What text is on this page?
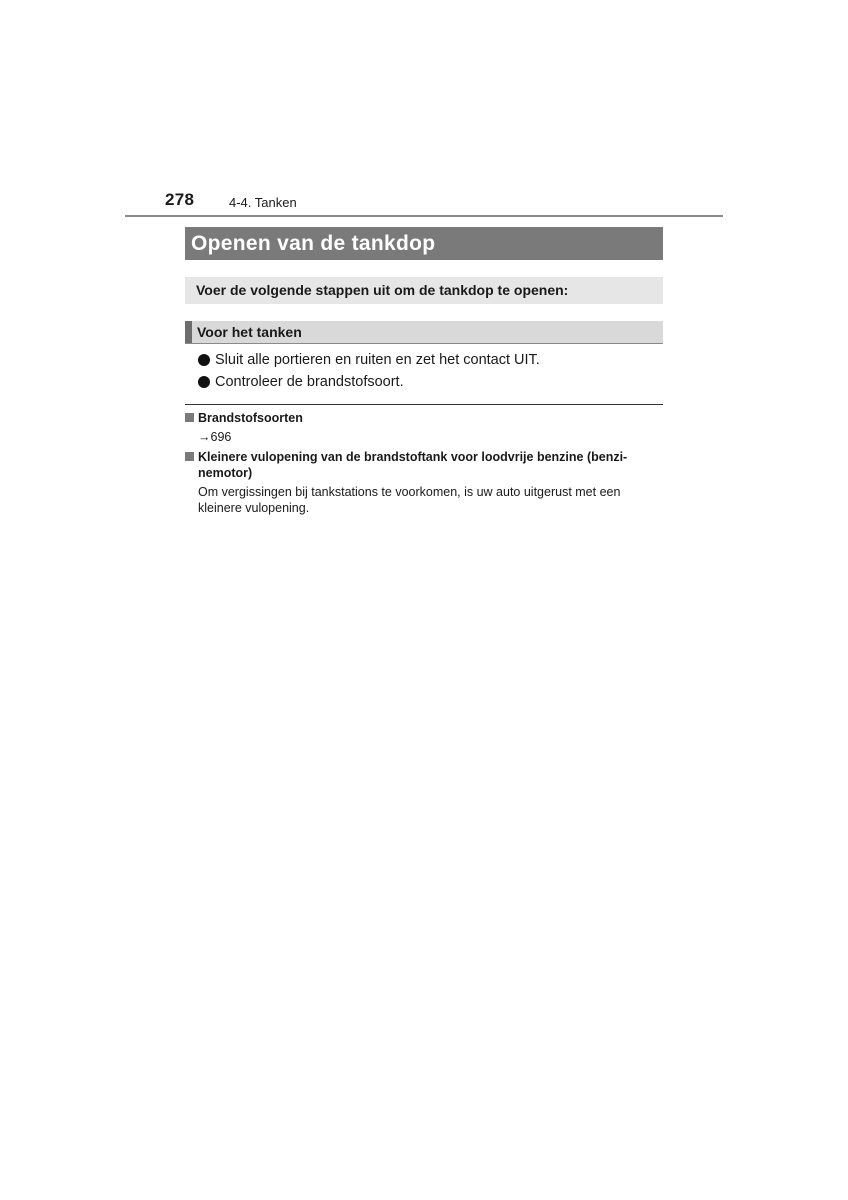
278	4-4. Tanken
Openen van de tankdop
Voer de volgende stappen uit om de tankdop te openen:
Voor het tanken
Sluit alle portieren en ruiten en zet het contact UIT.
Controleer de brandstofsoort.
Brandstofsoorten
→696
Kleinere vulopening van de brandstoftank voor loodvrije benzine (benzi-
nemotor)
Om vergissingen bij tankstations te voorkomen, is uw auto uitgerust met een
kleinere vulopening.
